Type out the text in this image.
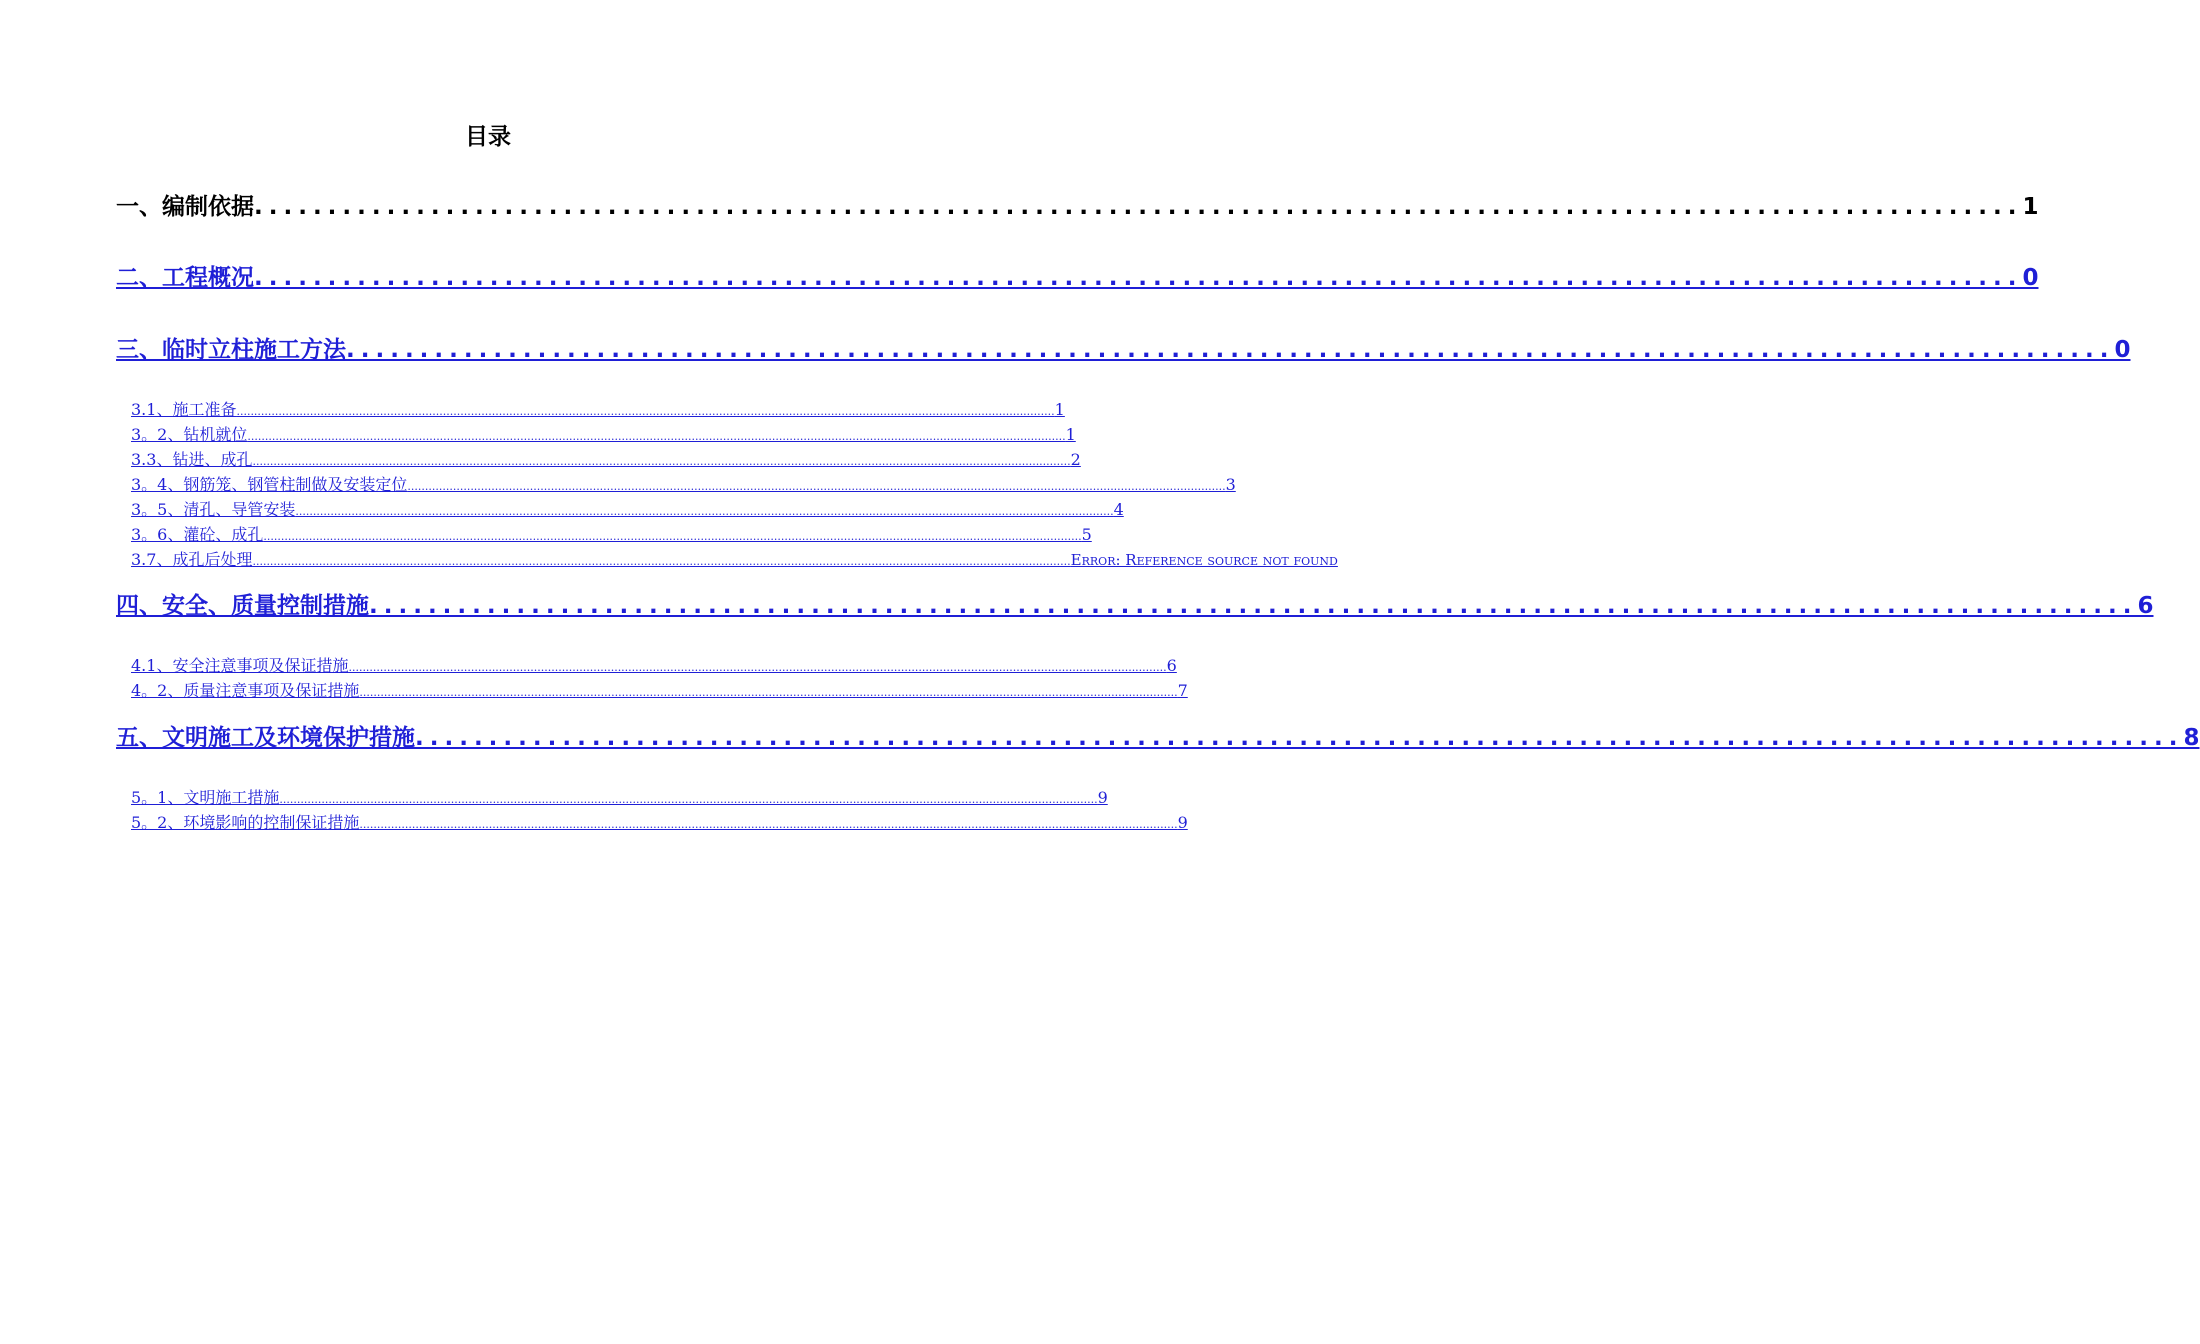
目录
一、编制依据 ........................................................................................................................ 1
二、工程概况 ........................................................................................................................ 0
三、临时立柱施工方法 ........................................................................................................................ 0
3.1、施工准备 .......................................................................................................................................................................................................................................... 1
3。2、钻机就位 .......................................................................................................................................................................................................................................... 1
3.3、钻进、成孔 .......................................................................................................................................................................................................................................... 2
3。4、钢筋笼、钢管柱制做及安装定位 .......................................................................................................................................................................................................................................... 3
3。5、清孔、导管安装 .......................................................................................................................................................................................................................................... 4
3。6、灌砼、成孔 .......................................................................................................................................................................................................................................... 5
3.7、成孔后处理 .......................................................................................................................................................................................................................................... Error: Reference source not found
四、安全、质量控制措施 ........................................................................................................................ 6
4.1、安全注意事项及保证措施 .......................................................................................................................................................................................................................................... 6
4。2、质量注意事项及保证措施 .......................................................................................................................................................................................................................................... 7
五、文明施工及环境保护措施 ........................................................................................................................ 8
5。1、文明施工措施 .......................................................................................................................................................................................................................................... 9
5。2、环境影响的控制保证措施 .......................................................................................................................................................................................................................................... 9
